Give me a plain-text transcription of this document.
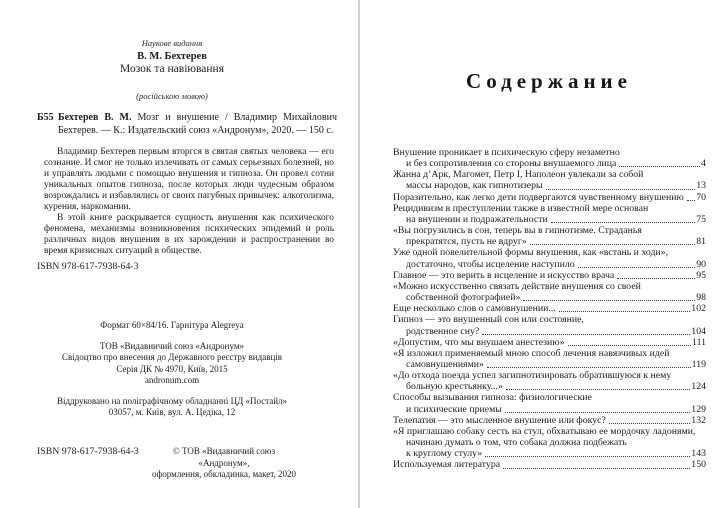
Наукове видання
В. М. Бехтерев
Мозок та навіювання
(російською мовою)
Б55 Бехтерев В. М. Мозг и внушение / Владимир Михайлович Бехтерев. — К.: Издательский союз «Андронум», 2020. — 150 с.

Владимир Бехтерев первым вторгся в святая святых человека — его сознание. И смог не только излечивать от самых серьезных болезней, но и управлять людьми с помощью внушения и гипноза. Он провел сотни уникальных опытов гипноза, после которых люди чудесным образом возрождались и избавлялись от своих пагубных привычек: алкоголизма, курения, наркомании.

В этой книге раскрывается сущность внушения как психического феномена, механизмы возникновения психических эпидемий и роль различных видов внушения в их зарождении и распространении во время кризисных ситуаций в обществе.

ISBN 978-617-7938-64-3
Формат 60×84/16. Гарнітура Alegreya
ТОВ «Видавничий союз «Андронум»
Свідоцтво про внесення до Державного реєстру видавців
Серія ДК № 4970, Київ, 2015
andronum.com
Віддруковано на поліграфічному обладнанні ЦД «Постайл»
03057, м. Київ, вул. А. Цедіка, 12
ISBN 978-617-7938-64-3	© ТОВ «Видавничий союз «Андронум»,
оформлення, обкладинка, макет, 2020
Содержание
Внушение проникает в психическую сферу незаметно
и без сопротивления со стороны внушаемого лица	4
Жанна д’Арк, Магомет, Петр I, Наполеон увлекали за собой
массы народов, как гипнотизеры	13
Поразительно, как легко дети подвергаются чувственному внушению 70
Рецидивизм в преступлении также в известной мере основан
на внушении и подражательности	75
«Вы погрузились в сон, теперь вы в гипнотизме. Страданья
прекратятся, пусть не вдруг»	81
Уже одной повелительной формы внушения, как «встань и ходи»,
достаточно, чтобы исцеление наступило	90
Главное — это верить в исцеление и искусство врача	95
«Можно искусственно связать действие внушения со своей
собственной фотографией»	98
Еще несколько слов о самовнушении...	102
Гипноз — это внушенный сон или состояние,
родственное сну?	104
«Допустим, что мы внушаем анестезию»	111
«Я изложил применяемый мною способ лечения навязчивых идей
самовнушениями»	119
«До отхода поезда успел загипнотизировать обратившуюся к нему
больную крестьянку...»	124
Способы вызывания гипноза: физиологические
и психические приемы	129
Телепатия — это мысленное внушение или фокус?	132
«Я приглашаю собаку сесть на стул, обхватываю ее мордочку ладонями,
начинаю думать о том, что собака должна подбежать
к круглому стулу»	143
Используемая литература	150
